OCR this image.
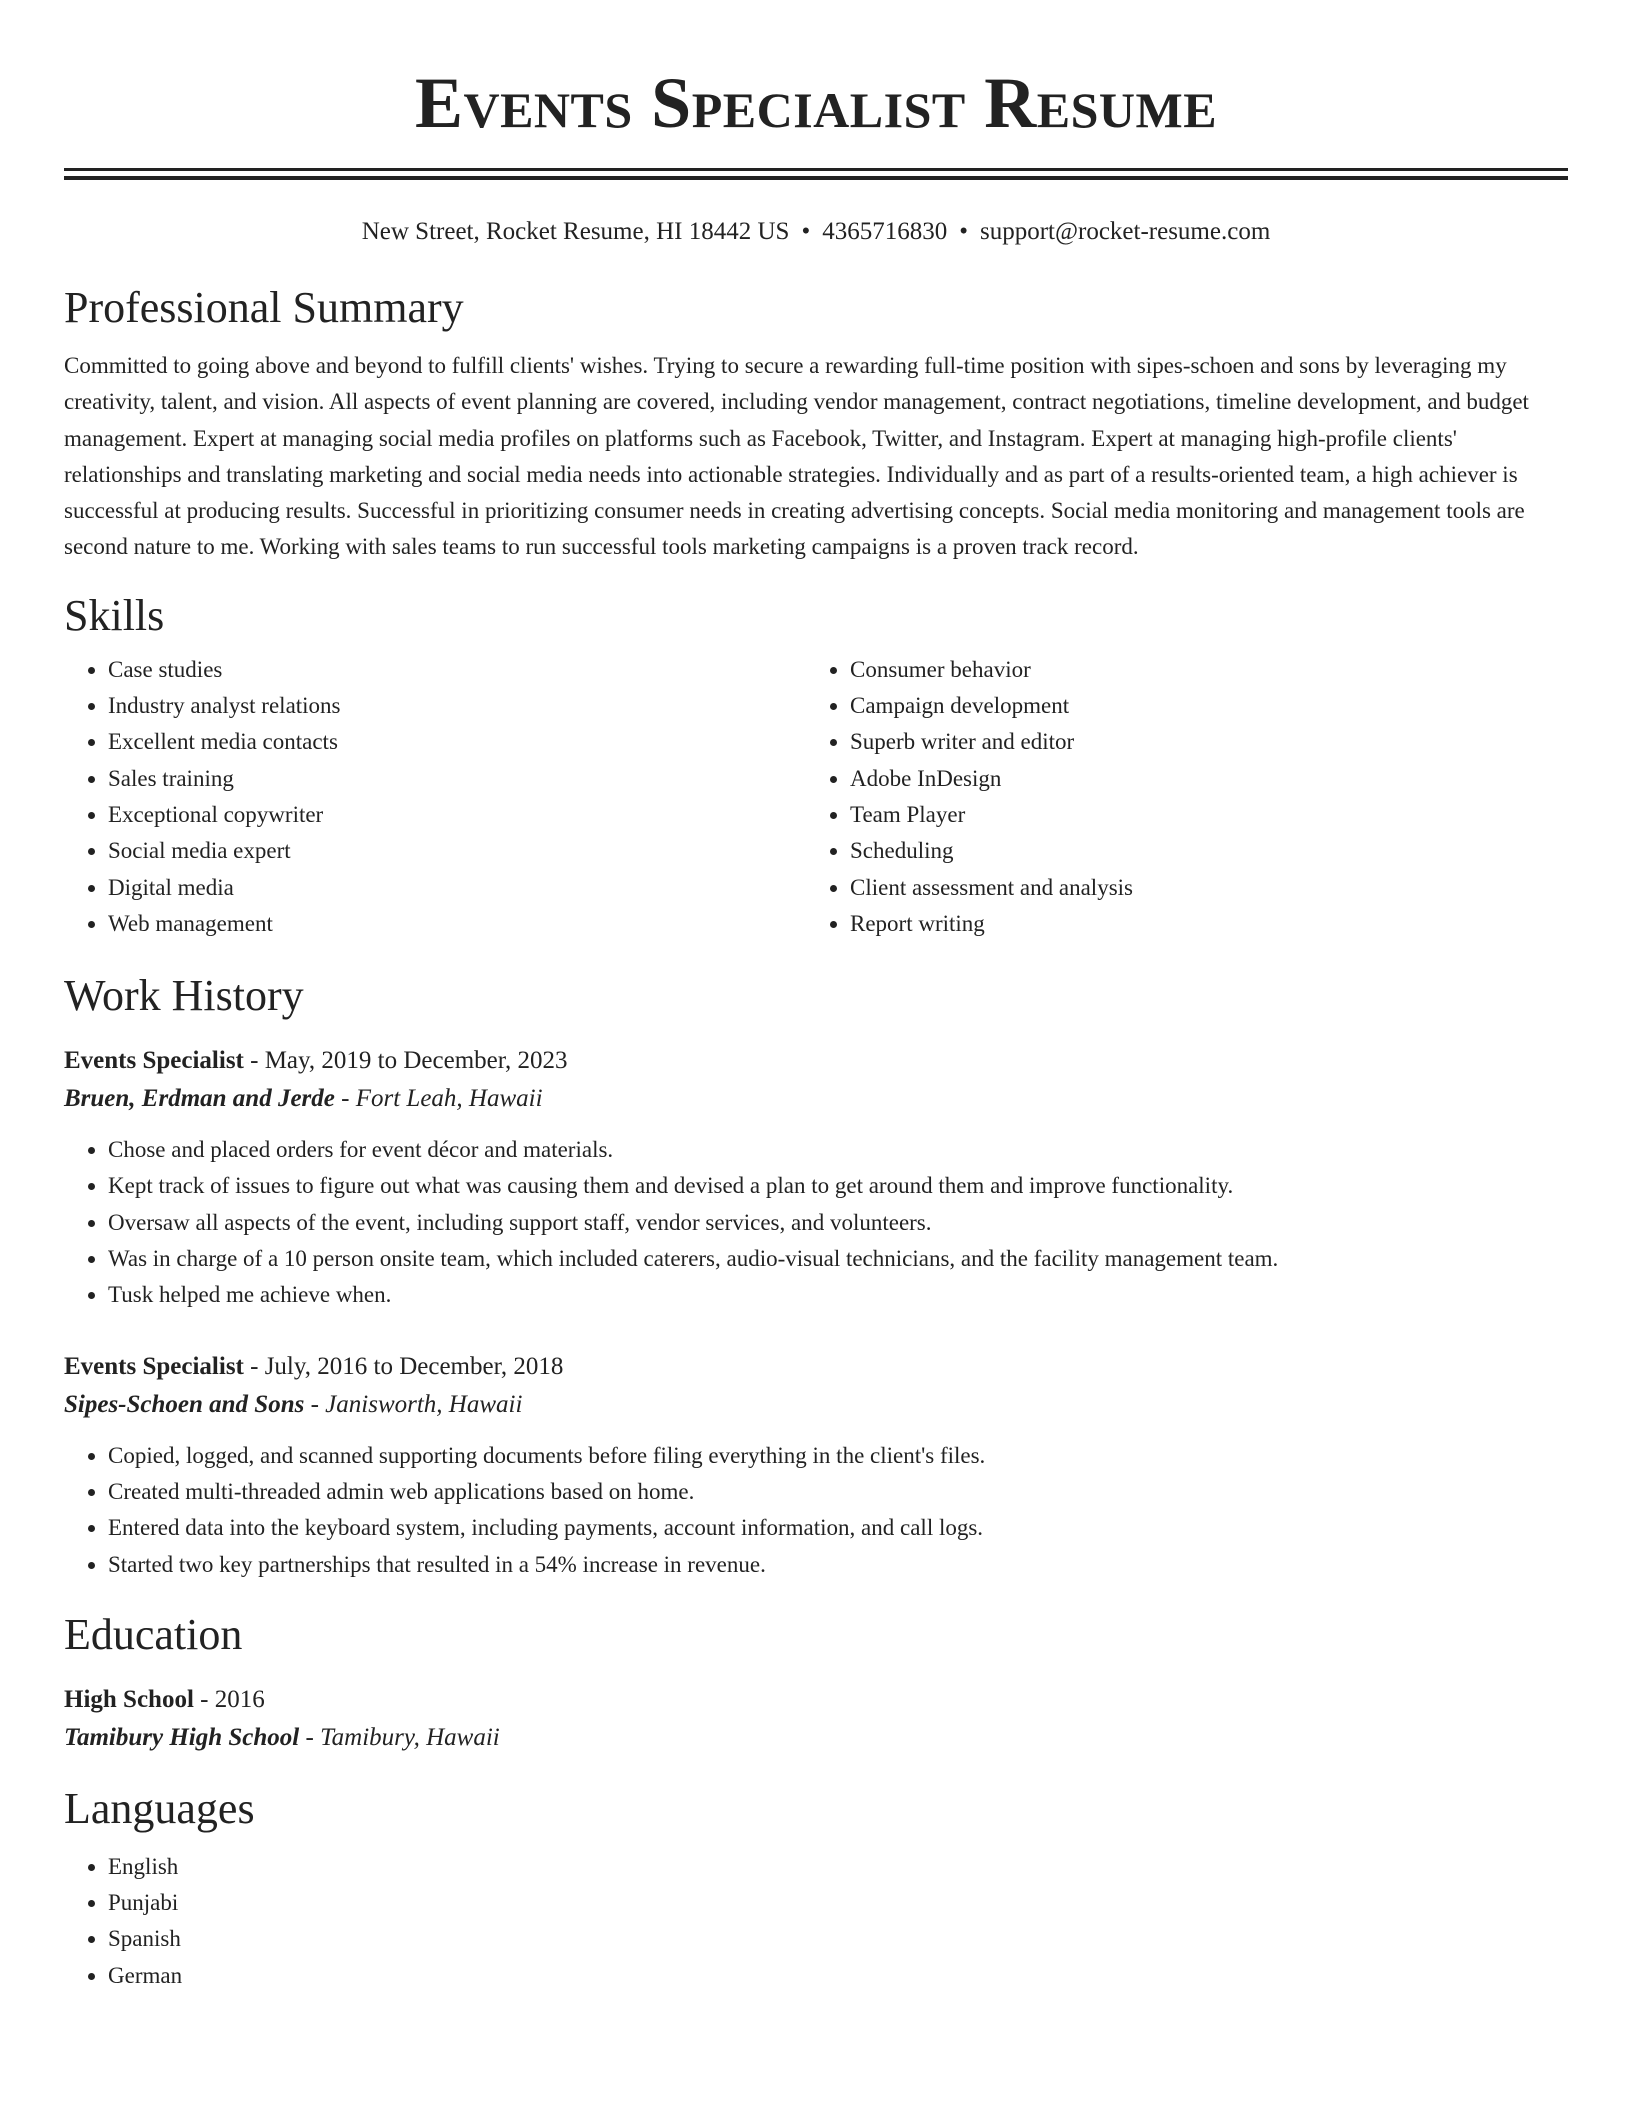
Events Specialist Resume
New Street, Rocket Resume, HI 18442 US • 4365716830 • support@rocket-resume.com
Professional Summary
Committed to going above and beyond to fulfill clients' wishes. Trying to secure a rewarding full-time position with sipes-schoen and sons by leveraging my creativity, talent, and vision. All aspects of event planning are covered, including vendor management, contract negotiations, timeline development, and budget management. Expert at managing social media profiles on platforms such as Facebook, Twitter, and Instagram. Expert at managing high-profile clients' relationships and translating marketing and social media needs into actionable strategies. Individually and as part of a results-oriented team, a high achiever is successful at producing results. Successful in prioritizing consumer needs in creating advertising concepts. Social media monitoring and management tools are second nature to me. Working with sales teams to run successful tools marketing campaigns is a proven track record.
Skills
• Case studies
• Industry analyst relations
• Excellent media contacts
• Sales training
• Exceptional copywriter
• Social media expert
• Digital media
• Web management
• Consumer behavior
• Campaign development
• Superb writer and editor
• Adobe InDesign
• Team Player
• Scheduling
• Client assessment and analysis
• Report writing
Work History
Events Specialist - May, 2019 to December, 2023
Bruen, Erdman and Jerde - Fort Leah, Hawaii
• Chose and placed orders for event décor and materials.
• Kept track of issues to figure out what was causing them and devised a plan to get around them and improve functionality.
• Oversaw all aspects of the event, including support staff, vendor services, and volunteers.
• Was in charge of a 10 person onsite team, which included caterers, audio-visual technicians, and the facility management team.
• Tusk helped me achieve when.
Events Specialist - July, 2016 to December, 2018
Sipes-Schoen and Sons - Janisworth, Hawaii
• Copied, logged, and scanned supporting documents before filing everything in the client's files.
• Created multi-threaded admin web applications based on home.
• Entered data into the keyboard system, including payments, account information, and call logs.
• Started two key partnerships that resulted in a 54% increase in revenue.
Education
High School - 2016
Tamibury High School - Tamibury, Hawaii
Languages
• English
• Punjabi
• Spanish
• German
